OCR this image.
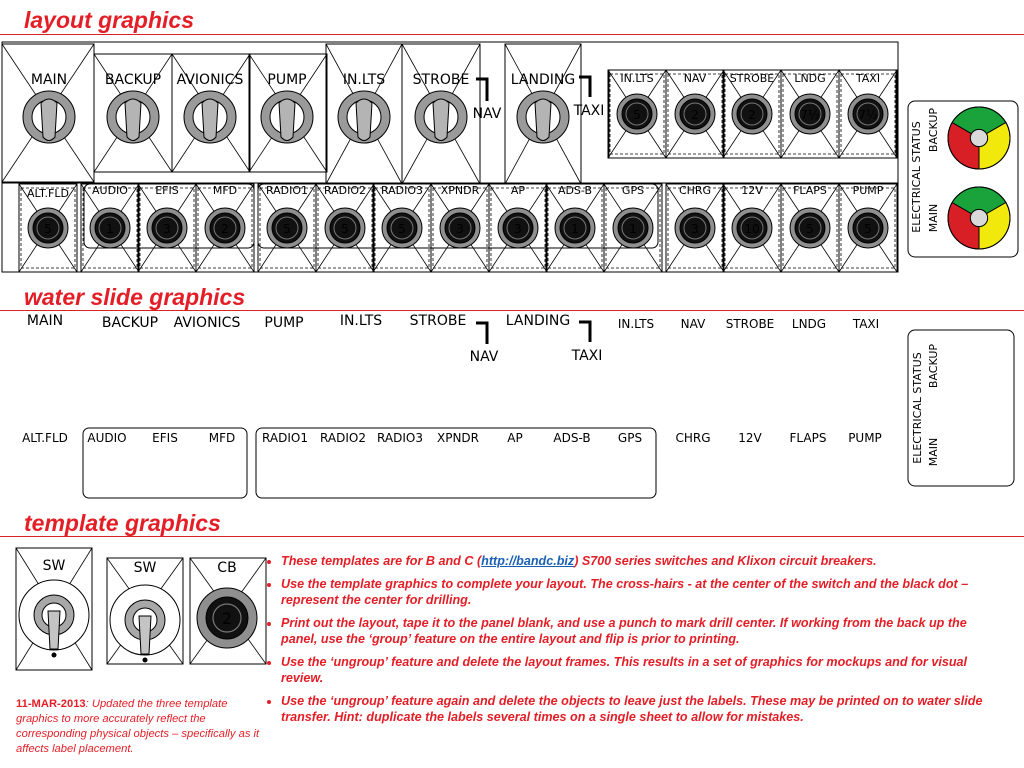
layout graphics
water slide graphics
template graphics
MAIN	BACKUP AVIONICS PUMP	IN.LTS STROBE	LANDING
NAV	TAXI 5
IN.LTS
2
NAV
2
STROBE
7½
LNDG
7½
TAXI
5
ALT.FLD
1
AUDIO
3
EFIS
2
MFD
5
RADIO1
5
RADIO2
5
RADIO3
3
XPNDR
3
AP
1
ADS-B
1
GPS
3
CHRG
10
12V
5
FLAPS
5
PUMP ELECTRICAL STATUS BACKUP
MAIN
MAIN	BACKUP AVIONICS PUMP	IN.LTS STROBE	LANDING
NAV	TAXI
IN.LTS NAV STROBE LNDG TAXI
ALT.FLD AUDIO EFIS	MFD RADIO1 RADIO2 RADIO3 XPNDR AP	ADS-B GPS	CHRG 12V FLAPS PUMP	ELECTRICAL STATUS BACKUP
MAIN
SW	SW	CB
2
• These templates are for B and C (http://bandc.biz) S700 series switches and Klixon circuit breakers.
• Use the template graphics to complete your layout. The cross-hairs - at the center of the switch and the black dot – represent the center for drilling.
• Print out the layout, tape it to the panel blank, and use a punch to mark drill center. If working from the back up the panel, use the ‘group’ feature on the entire layout and flip is prior to printing.
• Use the ‘ungroup’ feature and delete the layout frames. This results in a set of graphics for mockups and for visual review.
• Use the ‘ungroup’ feature again and delete the objects to leave just the labels. These may be printed on to water slide transfer. Hint: duplicate the labels several times on a single sheet to allow for mistakes.
11-MAR-2013: Updated the three template graphics to more accurately reflect the corresponding physical objects – specifically as it affects label placement.
